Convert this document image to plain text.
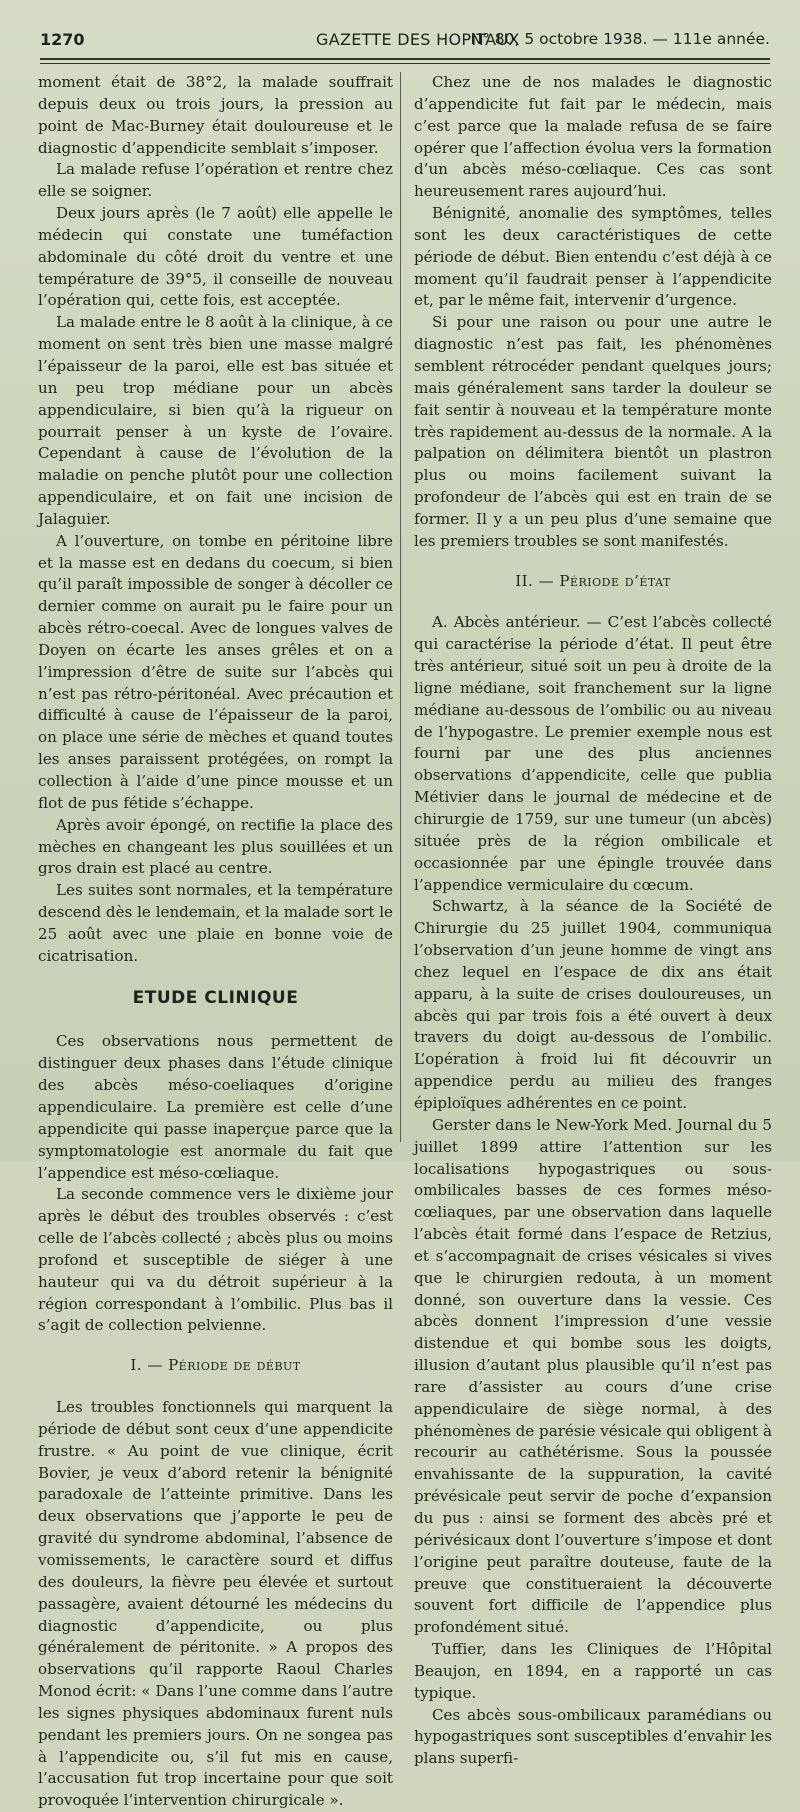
1270	GAZETTE DES HOPITAUX
N° 80, 5 octobre 1938. — 111e année.

moment était de 38°2, la malade souffrait depuis deux ou trois jours, la pression au point de Mac-Burney était douloureuse et le diagnostic d’appendicite semblait s’imposer.

La malade refuse l’opération et rentre chez elle se soigner.

Deux jours après (le 7 août) elle appelle le médecin qui constate une tuméfaction abdominale du côté droit du ventre et une température de 39°5, il conseille de nouveau l’opération qui, cette fois, est acceptée.

La malade entre le 8 août à la clinique, à ce moment on sent très bien une masse malgré l’épaisseur de la paroi, elle est bas située et un peu trop médiane pour un abcès appendiculaire, si bien qu’à la rigueur on pourrait penser à un kyste de l’ovaire. Cependant à cause de l’évolution de la maladie on penche plutôt pour une collection appendiculaire, et on fait une incision de Jalaguier.

A l’ouverture, on tombe en péritoine libre et la masse est en dedans du coecum, si bien qu’il paraît impossible de songer à décoller ce dernier comme on aurait pu le faire pour un abcès rétro-coecal. Avec de longues valves de Doyen on écarte les anses grêles et on a l’impression d’être de suite sur l’abcès qui n’est pas rétro-péritonéal. Avec précaution et difficulté à cause de l’épaisseur de la paroi, on place une série de mèches et quand toutes les anses paraissent protégées, on rompt la collection à l’aide d’une pince mousse et un flot de pus fétide s’échappe.

Après avoir épongé, on rectifie la place des mèches en changeant les plus souillées et un gros drain est placé au centre.

Les suites sont normales, et la température descend dès le lendemain, et la malade sort le 25 août avec une plaie en bonne voie de cicatrisation.

ETUDE CLINIQUE

Ces observations nous permettent de distinguer deux phases dans l’étude clinique des abcès méso-coeliaques d’origine appendiculaire. La première est celle d’une appendicite qui passe inaperçue parce que la symptomatologie est anormale du fait que l’appendice est méso-cœliaque.

La seconde commence vers le dixième jour après le début des troubles observés : c’est celle de l’abcès collecté ; abcès plus ou moins profond et susceptible de siéger à une hauteur qui va du détroit supérieur à la région correspondant à l’ombilic. Plus bas il s’agit de collection pelvienne.

I. — Période de début

Les troubles fonctionnels qui marquent la période de début sont ceux d’une appendicite frustre. « Au point de vue clinique, écrit Bovier, je veux d’abord retenir la bénignité paradoxale de l’atteinte primitive. Dans les deux observations que j’apporte le peu de gravité du syndrome abdominal, l’absence de vomissements, le caractère sourd et diffus des douleurs, la fièvre peu élevée et surtout passagère, avaient détourné les médecins du diagnostic d’appendicite, ou plus généralement de péritonite. » A propos des observations qu’il rapporte Raoul Charles Monod écrit: « Dans l’une comme dans l’autre les signes physiques abdominaux furent nuls pendant les premiers jours. On ne songea pas à l’appendicite ou, s’il fut mis en cause, l’accusation fut trop incertaine pour que soit provoquée l’intervention chirurgicale ».

Chez une de nos malades le diagnostic d’appendicite fut fait par le médecin, mais c’est parce que la malade refusa de se faire opérer que l’affection évolua vers la formation d’un abcès méso-cœliaque. Ces cas sont heureusement rares aujourd’hui.

Bénignité, anomalie des symptômes, telles sont les deux caractéristiques de cette période de début. Bien entendu c’est déjà à ce moment qu’il faudrait penser à l’appendicite et, par le même fait, intervenir d’urgence.

Si pour une raison ou pour une autre le diagnostic n’est pas fait, les phénomènes semblent rétrocéder pendant quelques jours; mais généralement sans tarder la douleur se fait sentir à nouveau et la température monte très rapidement au-dessus de la normale. A la palpation on délimitera bientôt un plastron plus ou moins facilement suivant la profondeur de l’abcès qui est en train de se former. Il y a un peu plus d’une semaine que les premiers troubles se sont manifestés.

II. — Période d’état

A. Abcès antérieur. — C’est l’abcès collecté qui caractérise la période d’état. Il peut être très antérieur, situé soit un peu à droite de la ligne médiane, soit franchement sur la ligne médiane au-dessous de l’ombilic ou au niveau de l’hypogastre. Le premier exemple nous est fourni par une des plus anciennes observations d’appendicite, celle que publia Métivier dans le journal de médecine et de chirurgie de 1759, sur une tumeur (un abcès) située près de la région ombilicale et occasionnée par une épingle trouvée dans l’appendice vermiculaire du cœcum.

Schwartz, à la séance de la Société de Chirurgie du 25 juillet 1904, communiqua l’observation d’un jeune homme de vingt ans chez lequel en l’espace de dix ans était apparu, à la suite de crises douloureuses, un abcès qui par trois fois a été ouvert à deux travers du doigt au-dessous de l’ombilic. L’opération à froid lui fit découvrir un appendice perdu au milieu des franges épiploïques adhérentes en ce point.

Gerster dans le New-York Med. Journal du 5 juillet 1899 attire l’attention sur les localisations hypogastriques ou sous-ombilicales basses de ces formes méso-cœliaques, par une observation dans laquelle l’abcès était formé dans l’espace de Retzius, et s’accompagnait de crises vésicales si vives que le chirurgien redouta, à un moment donné, son ouverture dans la vessie. Ces abcès donnent l’impression d’une vessie distendue et qui bombe sous les doigts, illusion d’autant plus plausible qu’il n’est pas rare d’assister au cours d’une crise appendiculaire de siège normal, à des phénomènes de parésie vésicale qui obligent à recourir au cathétérisme. Sous la poussée envahissante de la suppuration, la cavité prévésicale peut servir de poche d’expansion du pus : ainsi se forment des abcès pré et périvésicaux dont l’ouverture s’impose et dont l’origine peut paraître douteuse, faute de la preuve que constitueraient la découverte souvent fort difficile de l’appendice plus profondément situé.

Tuffier, dans les Cliniques de l’Hôpital Beaujon, en 1894, en a rapporté un cas typique.

Ces abcès sous-ombilicaux paramédians ou hypogastriques sont susceptibles d’envahir les plans superfi-
